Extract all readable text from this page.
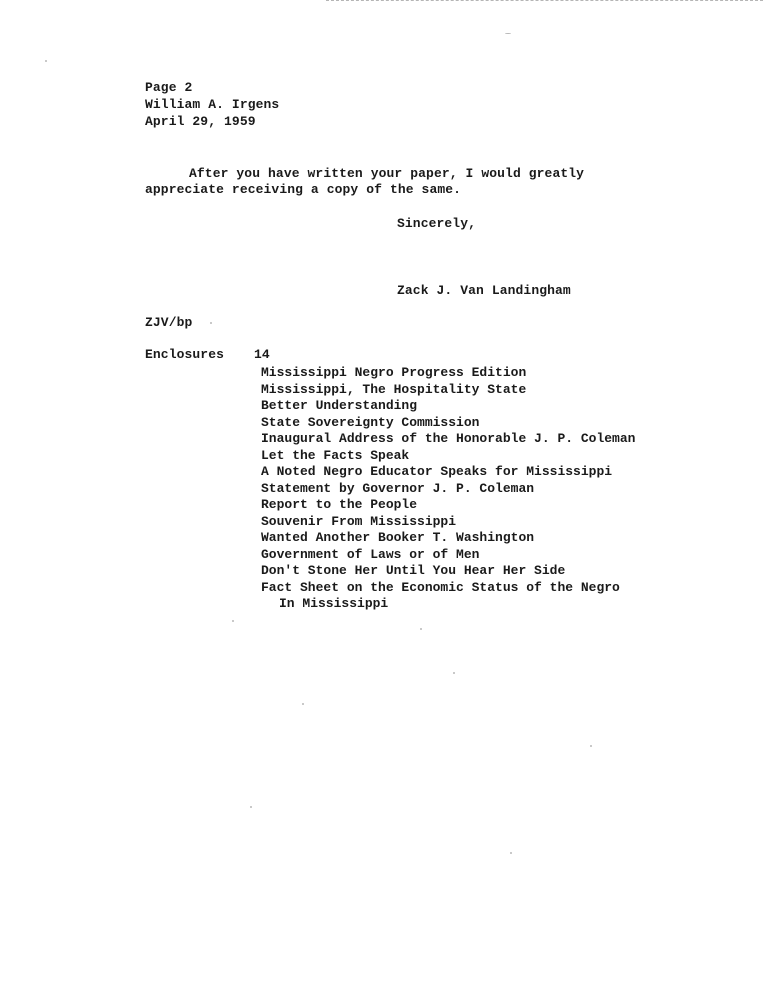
Page 2
William A. Irgens
April 29, 1959
After you have written your paper, I would greatly
appreciate receiving a copy of the same.
Sincerely,
Zack J. Van Landingham
ZJV/bp
Enclosures 14
Mississippi Negro Progress Edition
Mississippi, The Hospitality State
Better Understanding
State Sovereignty Commission
Inaugural Address of the Honorable J. P. Coleman
Let the Facts Speak
A Noted Negro Educator Speaks for Mississippi
Statement by Governor J. P. Coleman
Report to the People
Souvenir From Mississippi
Wanted Another Booker T. Washington
Government of Laws or of Men
Don't Stone Her Until You Hear Her Side
Fact Sheet on the Economic Status of the Negro
In Mississippi
